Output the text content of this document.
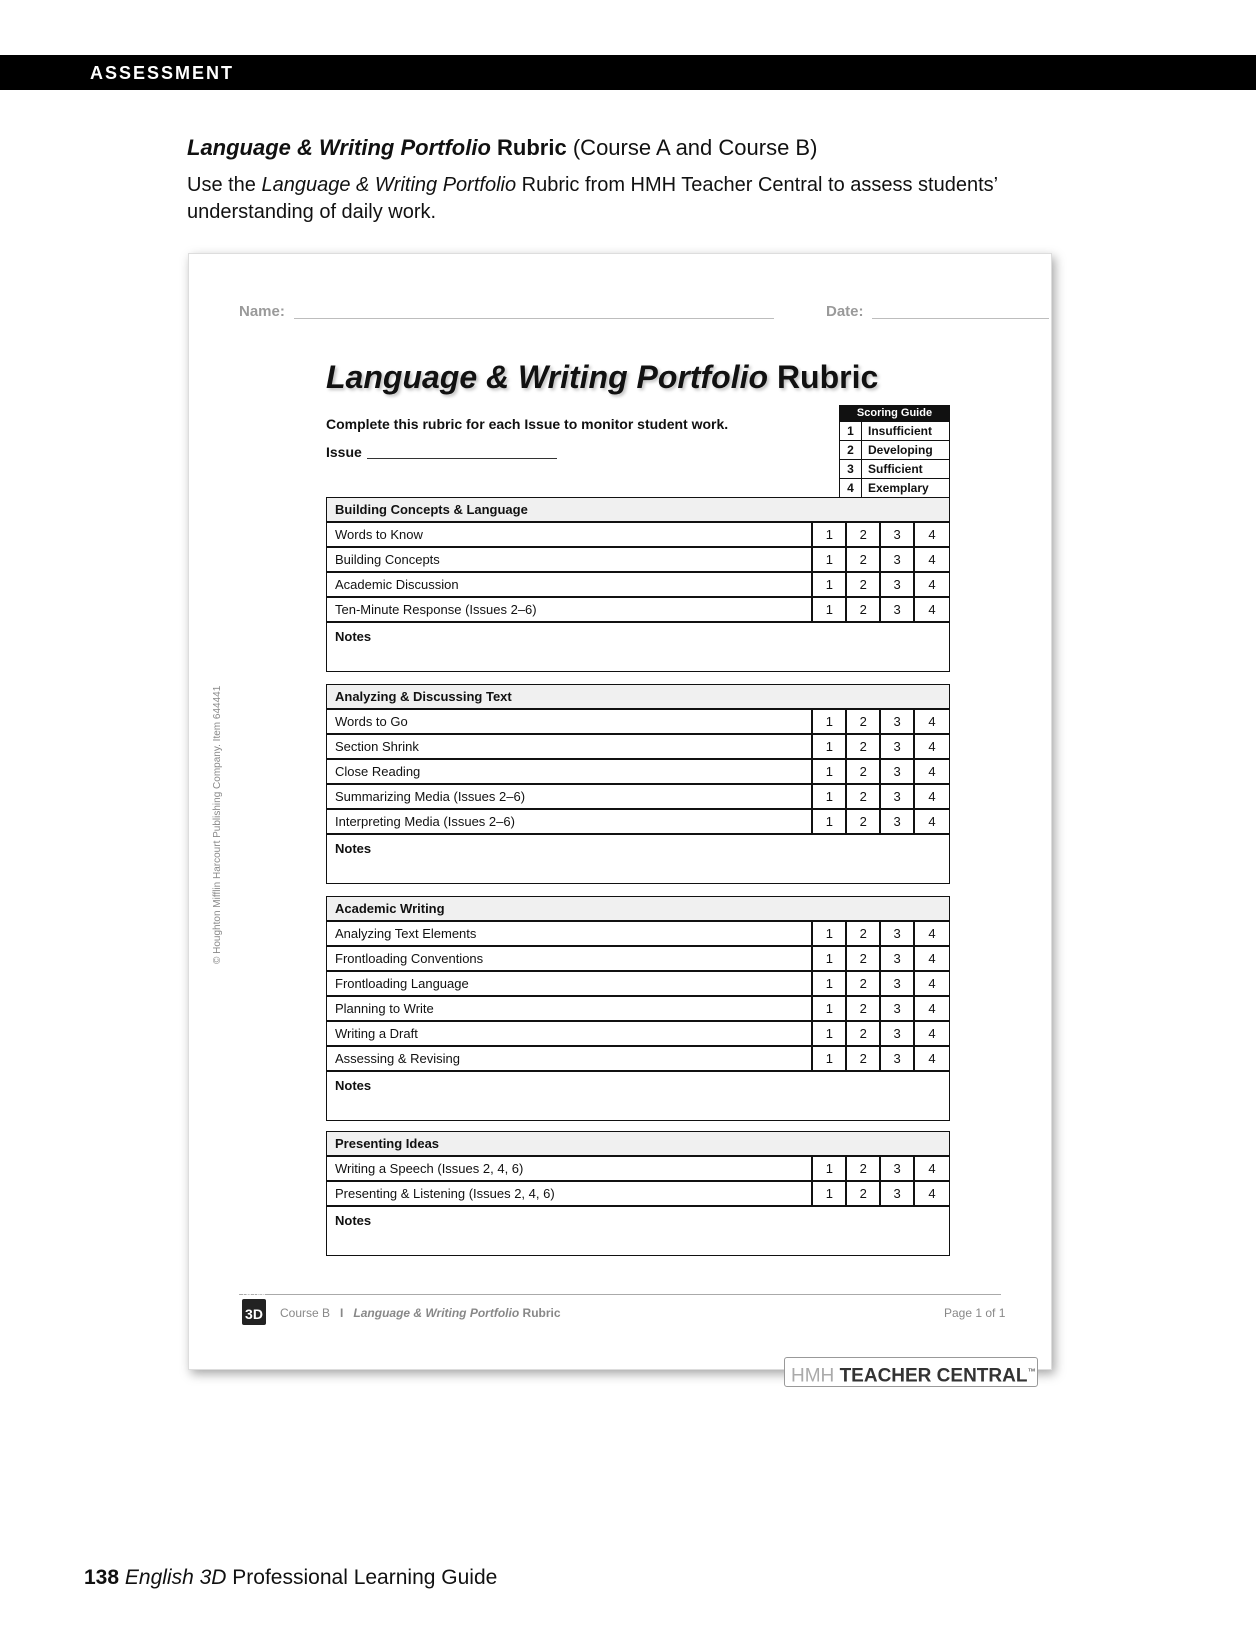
ASSESSMENT
Language & Writing Portfolio Rubric (Course A and Course B)
Use the Language & Writing Portfolio Rubric from HMH Teacher Central to assess students’ understanding of daily work.
Name:	Date:
© Houghton Mifflin Harcourt Publishing Company. Item 644441
Language & Writing Portfolio Rubric
Complete this rubric for each Issue to monitor student work.
Issue
Scoring Guide
1	Insufficient
2	Developing
3	Sufficient
4	Exemplary
Building Concepts & Language
Words to Know	1	2	3	4
Building Concepts	1	2	3	4
Academic Discussion	1	2	3	4
Ten-Minute Response (Issues 2–6)	1	2	3	4
Notes
Analyzing & Discussing Text
Words to Go	1	2	3	4
Section Shrink	1	2	3	4
Close Reading	1	2	3	4
Summarizing Media (Issues 2–6)	1	2	3	4
Interpreting Media (Issues 2–6)	1	2	3	4
Notes
Academic Writing
Analyzing Text Elements	1	2	3	4
Frontloading Conventions	1	2	3	4
Frontloading Language	1	2	3	4
Planning to Write	1	2	3	4
Writing a Draft	1	2	3	4
Assessing & Revising	1	2	3	4
Notes
Presenting Ideas
Writing a Speech (Issues 2, 4, 6)	1	2	3	4
Presenting & Listening (Issues 2, 4, 6)	1	2	3	4
Notes
ENGLISH
3D Course B I Language & Writing Portfolio Rubric	Page 1 of 1
HMH TEACHER CENTRAL™
138 English 3D Professional Learning Guide
